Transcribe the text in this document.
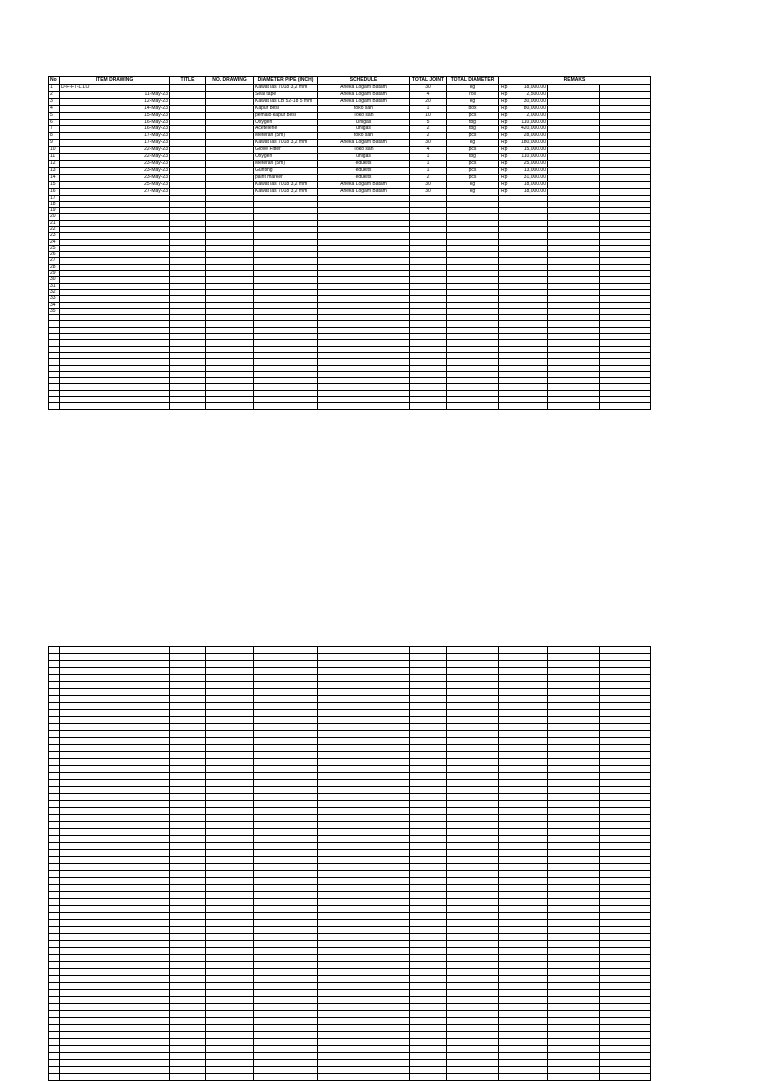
No	ITEM DRAWING	TITLE	NO. DRAWING	DIAMETER PIPE (INCH)	SCHEDULE	TOTAL JOINT	TOTAL DIAMETER	REMAKS		
1	D-F-FT-L.LO			Kawat las 7018 3,2 mm	Aneka Logam Batam	30	kg	Rp 18,000.00		

2	11-May-23			Seal tape	Aneka Logam Batam	4	roll	Rp 2,500.00		

3	12-May-23			Kawat las LB 52-18 5 mm	Aneka Logam Batam	20	kg	Rp 30,000.00		

4	14-May-23			Kapur besi	toko san	1	box	Rp 80,000.00		

5	15-May-23			pemalo kapur besi	Toko san	10	pcs	Rp 2,000.00		

6	16-May-23			Oxygen	Unigas	5	tbg	Rp 110,000.00		

7	16-May-23			Acetelene	unigas	2	tbg	Rp 420,000.00		

8	17-May-23			Meteran (5m)	toko san	2	pcs	Rp 28,000.00		

9	17-May-23			Kawat las 7018 3,2 mm	Aneka Logam Batam	30	kg	Rp 180,000.00		

10	22-May-23			Glove Fitter	Toko san	4	pcs	Rp 15,000.00		

11	22-May-23			Oxygen	unigas	1	tbg	Rp 110,000.00		

12	23-May-23			Meteran (5m)	edukits	1	pcs	Rp 25,000.00		

13	23-May-23			Gunting	edukits	1	pcs	Rp 13,000.00		

14	23-May-23			paint marker	edukits	2	pcs	Rp 31,000.00		

15	25-May-23			Kawat las 7018 3,2 mm	Aneka Logam Batam	30	kg	Rp 18,000.00		

16	27-May-23			Kawat las 7018 3,2 mm	Aneka Logam Batam	30	kg	Rp 18,000.00		

17										
18										
19										
20										
21										
22										
23										
24										
25										
26										
27										
28										
29										
30										
31										
32										
33										
34										
35										
